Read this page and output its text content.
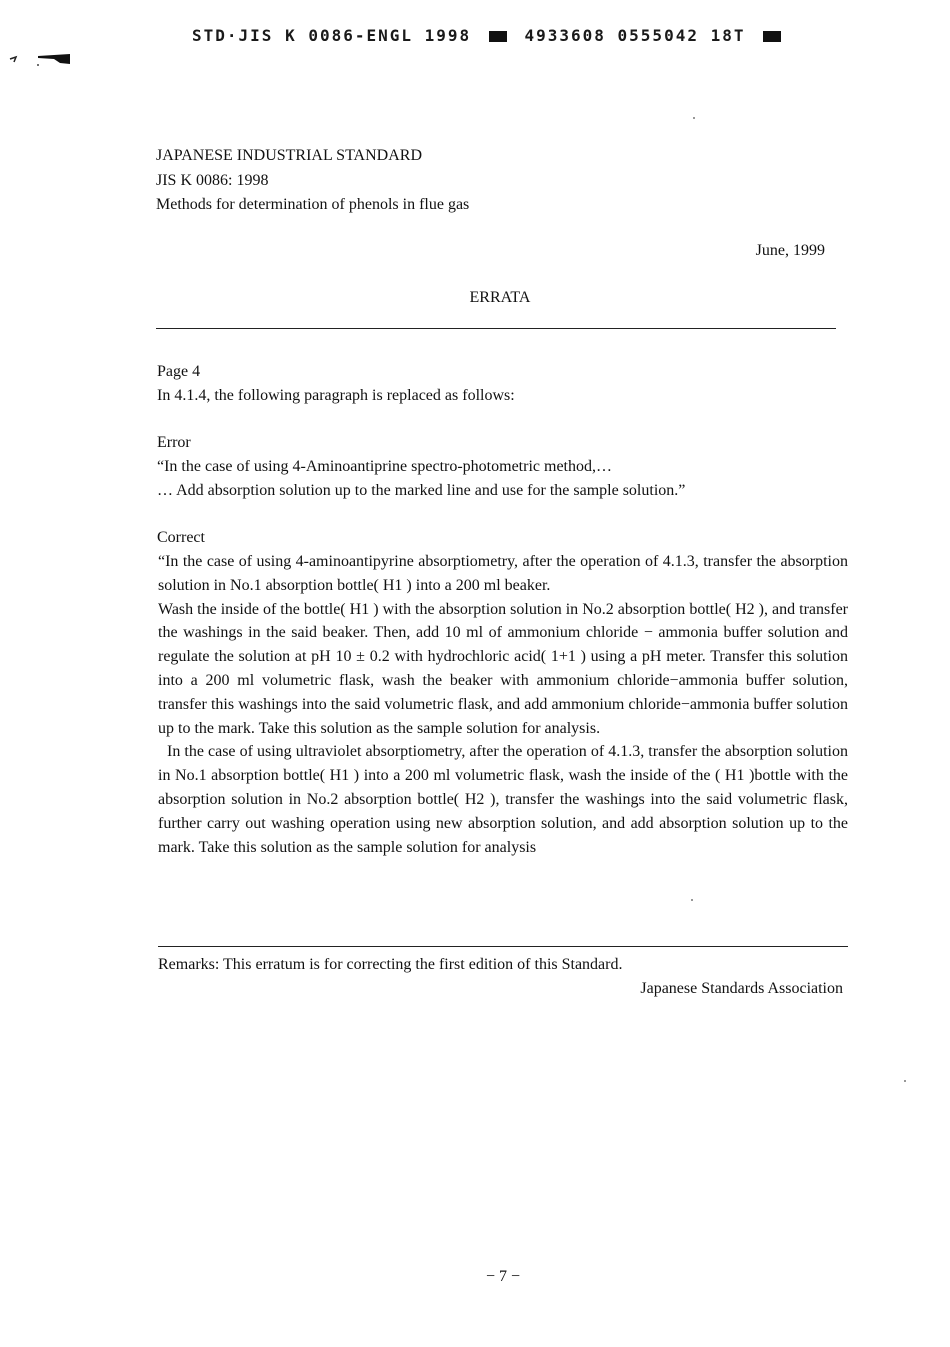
STD·JIS K 0086-ENGL 1998	4933608 0555042 18T
JAPANESE INDUSTRIAL STANDARD
JIS K 0086: 1998
Methods for determination of phenols in flue gas
June, 1999
ERRATA
Page 4
In 4.1.4, the following paragraph is replaced as follows:
Error
“In the case of using 4-Aminoantiprine spectro-photometric method,…
… Add absorption solution up to the marked line and use for the sample solution.”
Correct

“In the case of using 4-aminoantipyrine absorptiometry, after the operation of 4.1.3, transfer the absorption solution in No.1 absorption bottle( H1 ) into a 200 ml beaker.

Wash the inside of the bottle( H1 ) with the absorption solution in No.2 absorption bottle( H2 ), and transfer the washings in the said beaker. Then, add 10 ml of ammonium chloride − ammonia buffer solution and regulate the solution at pH 10 ± 0.2 with hydrochloric acid( 1+1 ) using a pH meter. Transfer this solution into a 200 ml volumetric flask, wash the beaker with ammonium chloride−ammonia buffer solution, transfer this washings into the said volumetric flask, and add ammonium chloride−ammonia buffer solution up to the mark. Take this solution as the sample solution for analysis.

In the case of using ultraviolet absorptiometry, after the operation of 4.1.3, transfer the absorption solution in No.1 absorption bottle( H1 ) into a 200 ml volumetric flask, wash the inside of the ( H1 )bottle with the absorption solution in No.2 absorption bottle( H2 ), transfer the washings into the said volumetric flask, further carry out washing operation using new absorption solution, and add absorption solution up to the mark. Take this solution as the sample solution for analysis

Remarks: This erratum is for correcting the first edition of this Standard.
Japanese Standards Association
− 7 −
